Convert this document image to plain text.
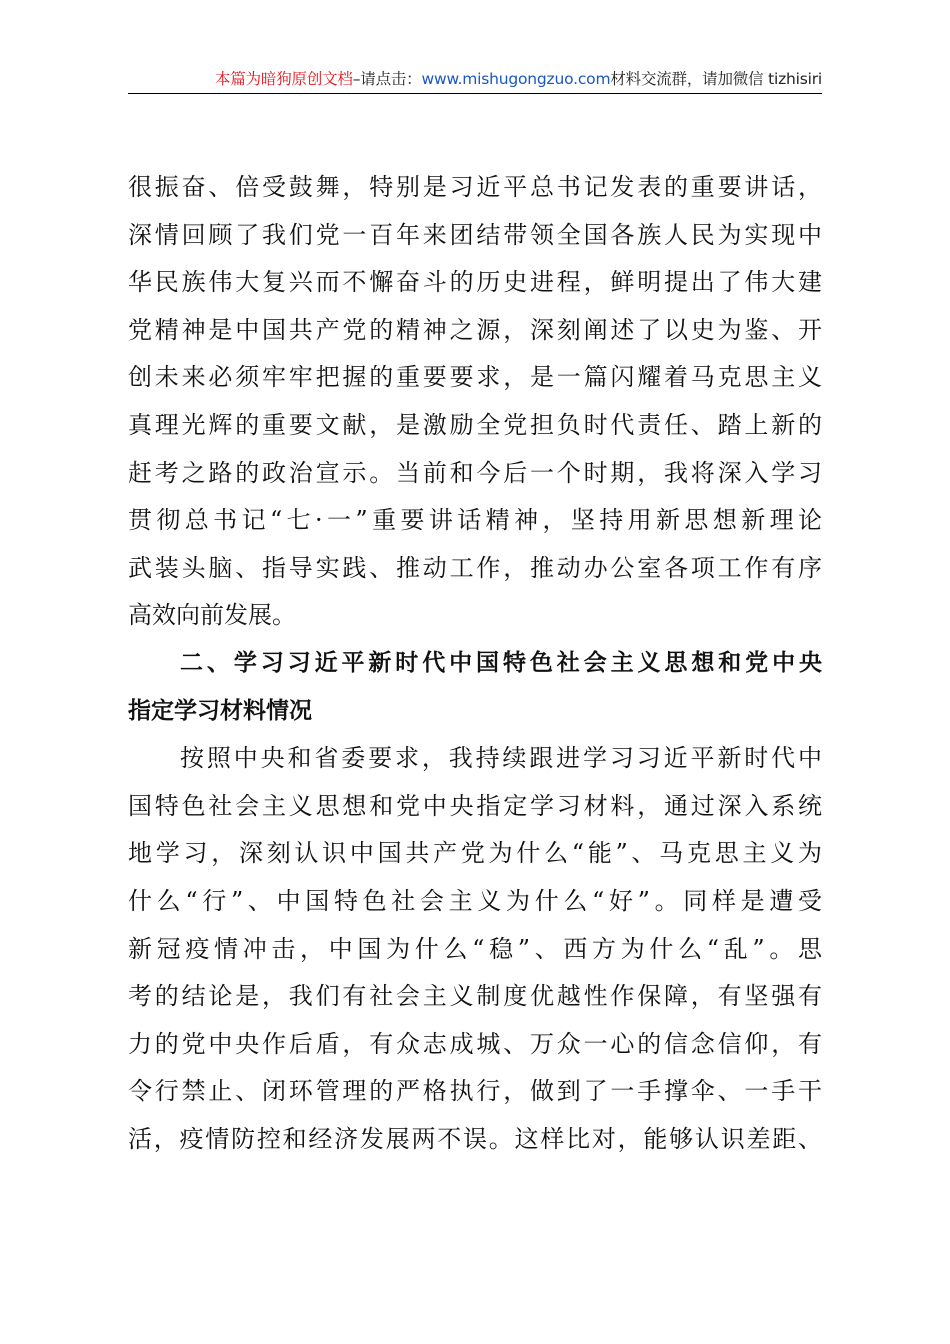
本篇为暗狗原创文档–请点击：www.mishugongzuo.com材料交流群，请加微信 tizhisiri
很振奋、倍受鼓舞，特别是习近平总书记发表的重要讲话，
深情回顾了我们党一百年来团结带领全国各族人民为实现中
华民族伟大复兴而不懈奋斗的历史进程，鲜明提出了伟大建
党精神是中国共产党的精神之源，深刻阐述了以史为鉴、开
创未来必须牢牢把握的重要要求，是一篇闪耀着马克思主义
真理光辉的重要文献，是激励全党担负时代责任、踏上新的
赶考之路的政治宣示。当前和今后一个时期，我将深入学习
贯彻总书记“七·一”重要讲话精神，坚持用新思想新理论
武装头脑、指导实践、推动工作，推动办公室各项工作有序
高效向前发展。
二、学习习近平新时代中国特色社会主义思想和党中央
指定学习材料情况
按照中央和省委要求，我持续跟进学习习近平新时代中
国特色社会主义思想和党中央指定学习材料，通过深入系统
地学习，深刻认识中国共产党为什么“能”、马克思主义为
什么“行”、中国特色社会主义为什么“好”。同样是遭受
新冠疫情冲击，中国为什么“稳”、西方为什么“乱”。思
考的结论是，我们有社会主义制度优越性作保障，有坚强有
力的党中央作后盾，有众志成城、万众一心的信念信仰，有
令行禁止、闭环管理的严格执行，做到了一手撑伞、一手干
活，疫情防控和经济发展两不误。这样比对，能够认识差距、
